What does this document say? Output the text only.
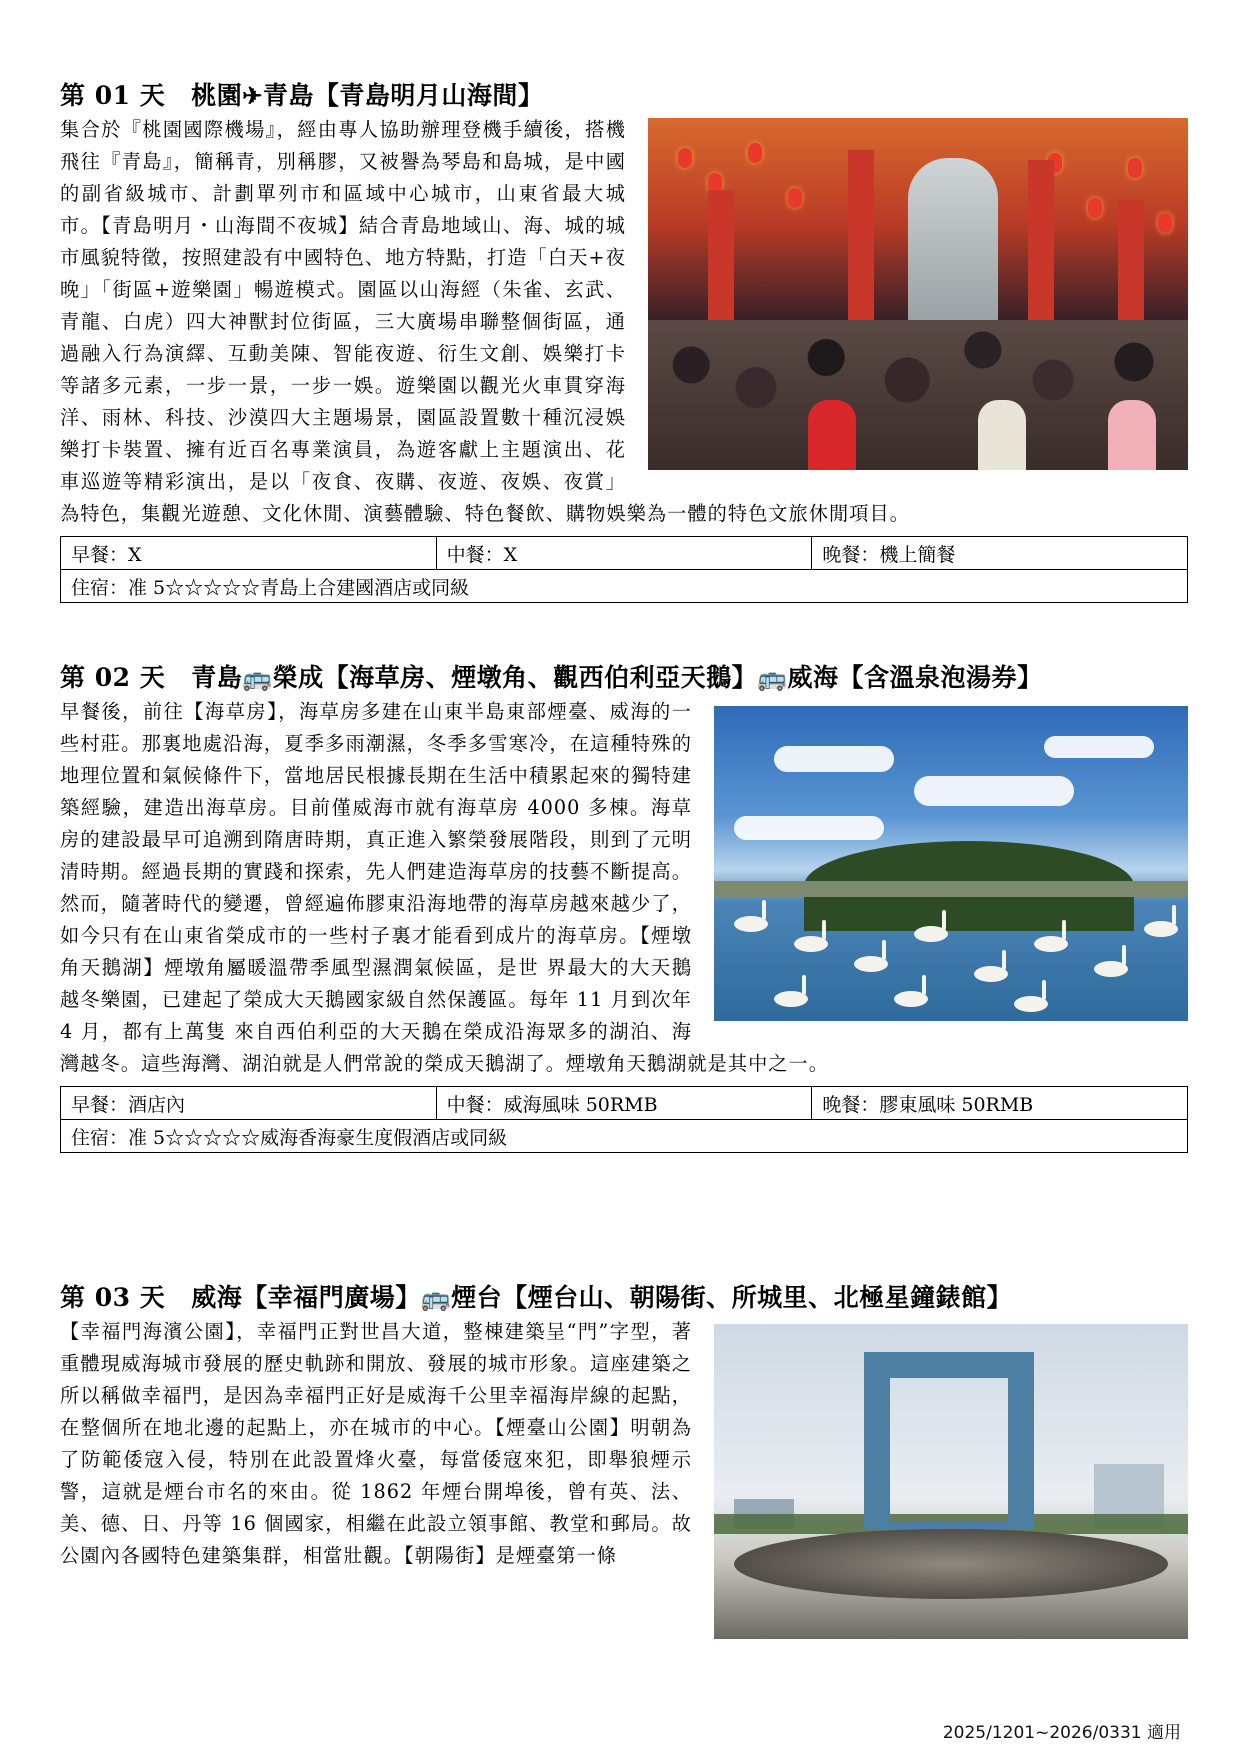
第 01 天 桃園✈青島【青島明月山海間】
集合於『桃園國際機場』，經由專人協助辦理登機手續後，搭機飛往『青島』，簡稱青，別稱膠，又被譽為琴島和島城，是中國的副省級城市、計劃單列市和區域中心城市，山東省最大城市。【青島明月・山海間不夜城】結合青島地域山、海、城的城市風貌特徵，按照建設有中國特色、地方特點，打造「白天+夜晚」「街區+遊樂園」暢遊模式。園區以山海經（朱雀、玄武、青龍、白虎）四大神獸封位街區，三大廣場串聯整個街區，通過融入行為演繹、互動美陳、智能夜遊、衍生文創、娛樂打卡等諸多元素，一步一景，一步一娛。遊樂園以觀光火車貫穿海洋、雨林、科技、沙漠四大主題場景，園區設置數十種沉浸娛樂打卡裝置、擁有近百名專業演員，為遊客獻上主題演出、花車巡遊等精彩演出，是以「夜食、夜購、夜遊、夜娛、夜賞」為特色，集觀光遊憩、文化休閒、演藝體驗、特色餐飲、購物娛樂為一體的特色文旅休閒項目。
早餐：X	中餐：X	晚餐：機上簡餐
住宿：准 5☆☆☆☆☆青島上合建國酒店或同級
第 02 天 青島🚌榮成【海草房、煙墩角、觀西伯利亞天鵝】🚌威海【含溫泉泡湯券】
早餐後，前往【海草房】，海草房多建在山東半島東部煙臺、威海的一些村莊。那裏地處沿海，夏季多雨潮濕，冬季多雪寒冷，在這種特殊的地理位置和氣候條件下，當地居民根據長期在生活中積累起來的獨特建築經驗，建造出海草房。目前僅威海市就有海草房 4000 多棟。海草房的建設最早可追溯到隋唐時期，真正進入繁榮發展階段，則到了元明清時期。經過長期的實踐和探索，先人們建造海草房的技藝不斷提高。然而，隨著時代的變遷，曾經遍佈膠東沿海地帶的海草房越來越少了，如今只有在山東省榮成市的一些村子裏才能看到成片的海草房。【煙墩角天鵝湖】煙墩角屬暖溫帶季風型濕潤氣候區，是世 界最大的大天鵝越冬樂園，已建起了榮成大天鵝國家級自然保護區。每年 11 月到次年 4 月，都有上萬隻 來自西伯利亞的大天鵝在榮成沿海眾多的湖泊、海灣越冬。這些海灣、湖泊就是人們常說的榮成天鵝湖了。煙墩角天鵝湖就是其中之一。
早餐：酒店內	中餐：威海風味 50RMB	晚餐：膠東風味 50RMB
住宿：准 5☆☆☆☆☆威海香海豪生度假酒店或同級
第 03 天 威海【幸福門廣場】🚌煙台【煙台山、朝陽街、所城里、北極星鐘錶館】
【幸福門海濱公園】，幸福門正對世昌大道，整棟建築呈“門”字型，著重體現威海城市發展的歷史軌跡和開放、發展的城市形象。這座建築之所以稱做幸福門，是因為幸福門正好是威海千公里幸福海岸線的起點，在整個所在地北邊的起點上，亦在城市的中心。【煙臺山公園】明朝為了防範倭寇入侵，特別在此設置烽火臺，每當倭寇來犯，即舉狼煙示警，這就是煙台市名的來由。從 1862 年煙台開埠後，曾有英、法、美、德、日、丹等 16 個國家，相繼在此設立領事館、教堂和郵局。故公園內各國特色建築集群，相當壯觀。【朝陽街】是煙臺第一條
2025/1201~2026/0331 適用
